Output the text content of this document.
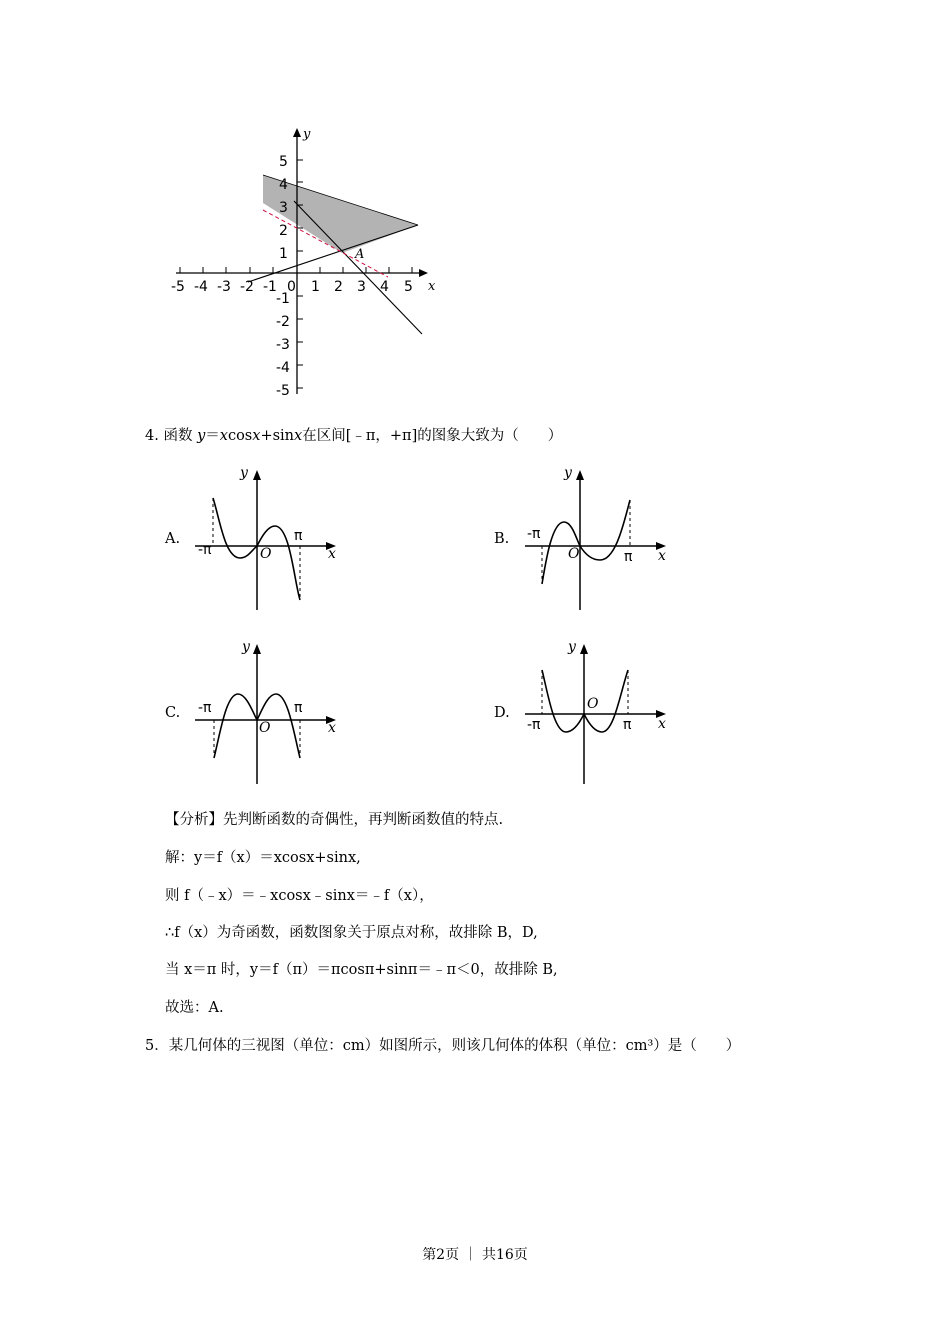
-5 -4 -3 -2 -1 0 1 2 3 4 5
1
2
3
4
5
-1
-2
-3
-4
-5
x
y
A
4. 函数 y＝xcosx+sinx在区间[﹣π，+π]的图象大致为（　　）
A.	B.
C.	D.
-π
π
O	x
y
-π
π
O	x
y
-π	π
O	x
y
-π	π
O
x
y
【分析】先判断函数的奇偶性，再判断函数值的特点.
解：y＝f（x）＝xcosx+sinx,
则 f（﹣x）＝﹣xcosx﹣sinx＝﹣f（x），
∴f（x）为奇函数，函数图象关于原点对称，故排除 B，D,
当 x＝π 时，y＝f（π）＝πcosπ+sinπ＝﹣π＜0，故排除 B,
故选：A.
5．某几何体的三视图（单位：cm）如图所示，则该几何体的体积（单位：cm³）是（　　）
第2页 ｜ 共16页
